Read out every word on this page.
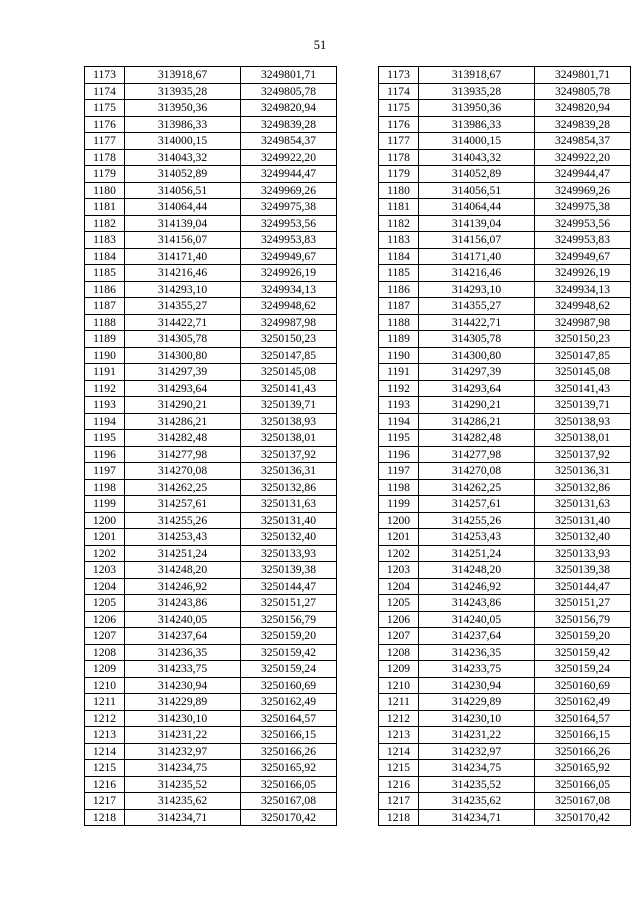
51
1173	313918,67	3249801,71
1174	313935,28	3249805,78
1175	313950,36	3249820,94
1176	313986,33	3249839,28
1177	314000,15	3249854,37
1178	314043,32	3249922,20
1179	314052,89	3249944,47
1180	314056,51	3249969,26
1181	314064,44	3249975,38
1182	314139,04	3249953,56
1183	314156,07	3249953,83
1184	314171,40	3249949,67
1185	314216,46	3249926,19
1186	314293,10	3249934,13
1187	314355,27	3249948,62
1188	314422,71	3249987,98
1189	314305,78	3250150,23
1190	314300,80	3250147,85
1191	314297,39	3250145,08
1192	314293,64	3250141,43
1193	314290,21	3250139,71
1194	314286,21	3250138,93
1195	314282,48	3250138,01
1196	314277,98	3250137,92
1197	314270,08	3250136,31
1198	314262,25	3250132,86
1199	314257,61	3250131,63
1200	314255,26	3250131,40
1201	314253,43	3250132,40
1202	314251,24	3250133,93
1203	314248,20	3250139,38
1204	314246,92	3250144,47
1205	314243,86	3250151,27
1206	314240,05	3250156,79
1207	314237,64	3250159,20
1208	314236,35	3250159,42
1209	314233,75	3250159,24
1210	314230,94	3250160,69
1211	314229,89	3250162,49
1212	314230,10	3250164,57
1213	314231,22	3250166,15
1214	314232,97	3250166,26
1215	314234,75	3250165,92
1216	314235,52	3250166,05
1217	314235,62	3250167,08
1218	314234,71	3250170,42
1173	313918,67	3249801,71
1174	313935,28	3249805,78
1175	313950,36	3249820,94
1176	313986,33	3249839,28
1177	314000,15	3249854,37
1178	314043,32	3249922,20
1179	314052,89	3249944,47
1180	314056,51	3249969,26
1181	314064,44	3249975,38
1182	314139,04	3249953,56
1183	314156,07	3249953,83
1184	314171,40	3249949,67
1185	314216,46	3249926,19
1186	314293,10	3249934,13
1187	314355,27	3249948,62
1188	314422,71	3249987,98
1189	314305,78	3250150,23
1190	314300,80	3250147,85
1191	314297,39	3250145,08
1192	314293,64	3250141,43
1193	314290,21	3250139,71
1194	314286,21	3250138,93
1195	314282,48	3250138,01
1196	314277,98	3250137,92
1197	314270,08	3250136,31
1198	314262,25	3250132,86
1199	314257,61	3250131,63
1200	314255,26	3250131,40
1201	314253,43	3250132,40
1202	314251,24	3250133,93
1203	314248,20	3250139,38
1204	314246,92	3250144,47
1205	314243,86	3250151,27
1206	314240,05	3250156,79
1207	314237,64	3250159,20
1208	314236,35	3250159,42
1209	314233,75	3250159,24
1210	314230,94	3250160,69
1211	314229,89	3250162,49
1212	314230,10	3250164,57
1213	314231,22	3250166,15
1214	314232,97	3250166,26
1215	314234,75	3250165,92
1216	314235,52	3250166,05
1217	314235,62	3250167,08
1218	314234,71	3250170,42
